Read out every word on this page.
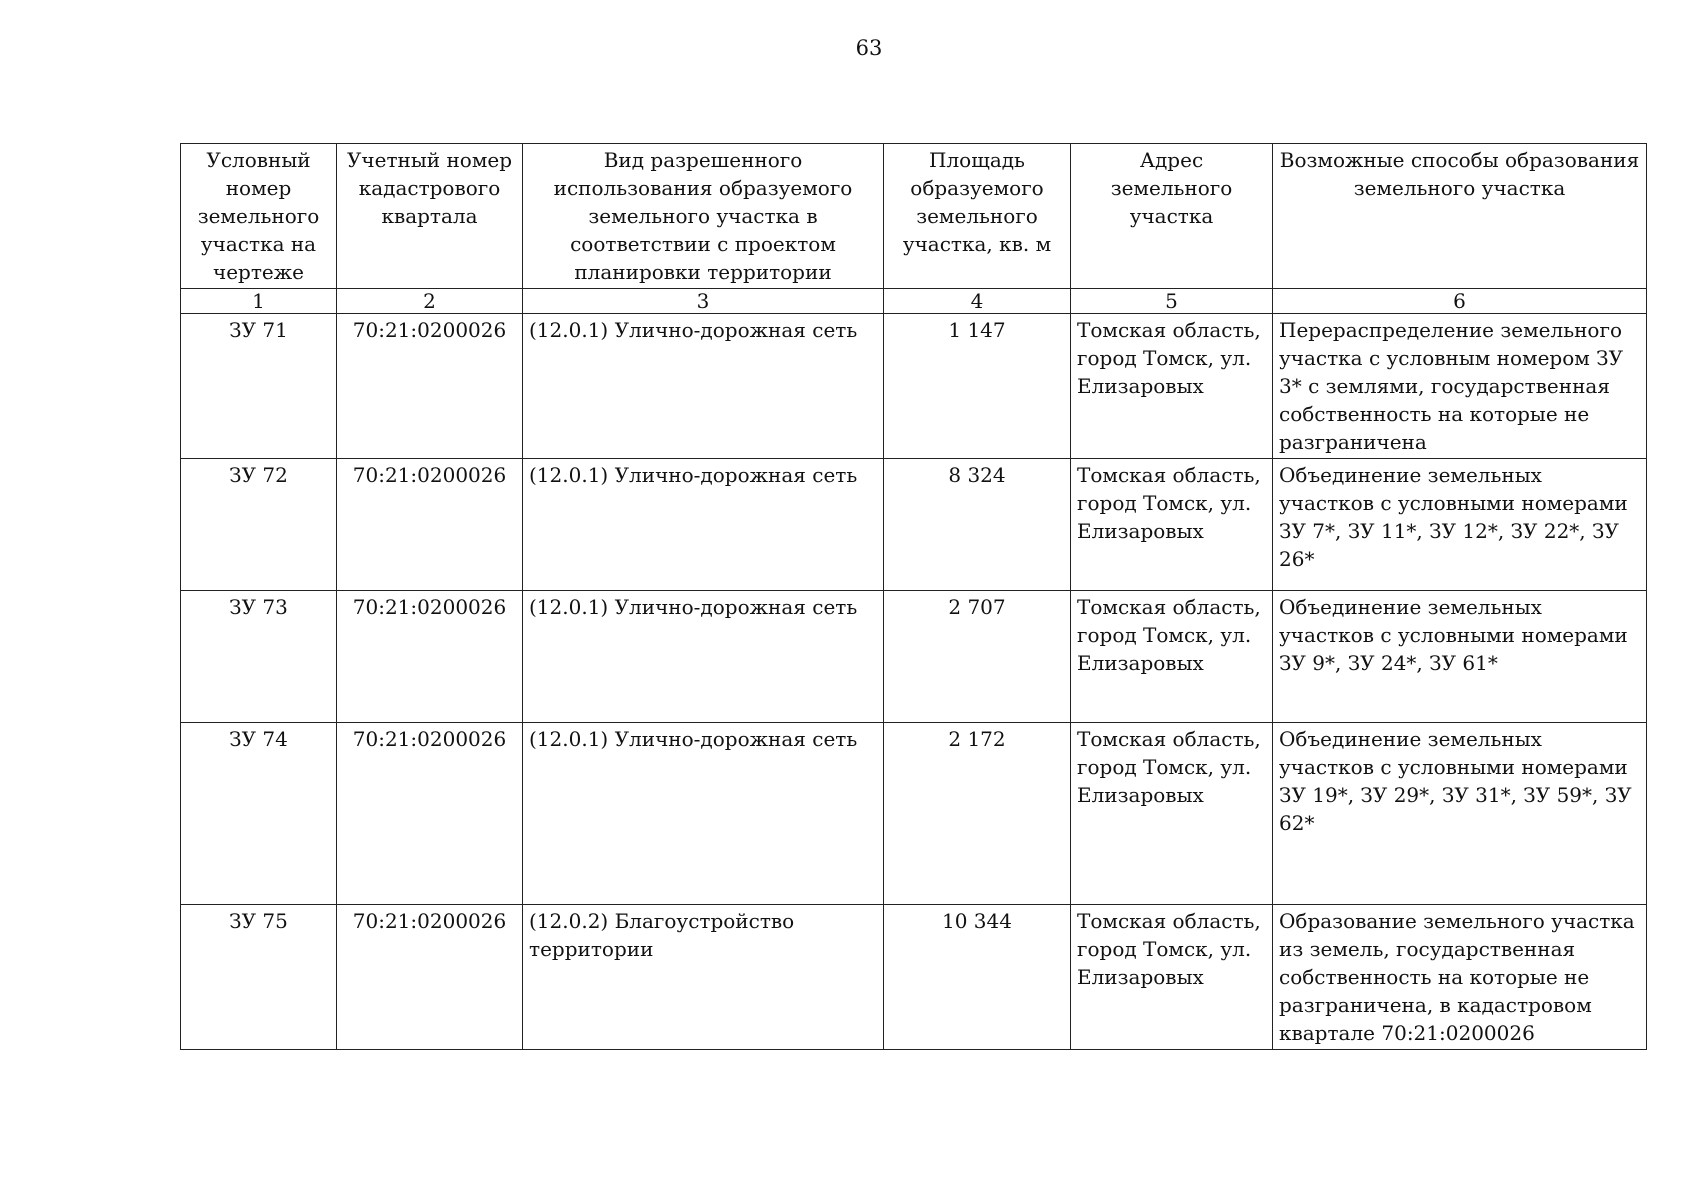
63
Условный номер земельного участка на чертеже	Учетный номер кадастрового квартала	Вид разрешенного использования образуемого земельного участка в соответствии с проектом планировки территории	Площадь образуемого земельного участка, кв. м	Адрес земельного участка	Возможные способы образования земельного участка
1	2	3	4	5	6
ЗУ 71	70:21:0200026	(12.0.1) Улично-дорожная сеть	1 147	Томская область, город Томск, ул. Елизаровых	Перераспределение земельного участка с условным номером ЗУ 3* с землями, государственная собственность на которые не разграничена
ЗУ 72	70:21:0200026	(12.0.1) Улично-дорожная сеть	8 324	Томская область, город Томск, ул. Елизаровых	Объединение земельных участков с условными номерами ЗУ 7*, ЗУ 11*, ЗУ 12*, ЗУ 22*, ЗУ 26*
ЗУ 73	70:21:0200026	(12.0.1) Улично-дорожная сеть	2 707	Томская область, город Томск, ул. Елизаровых	Объединение земельных участков с условными номерами ЗУ 9*, ЗУ 24*, ЗУ 61*
ЗУ 74	70:21:0200026	(12.0.1) Улично-дорожная сеть	2 172	Томская область, город Томск, ул. Елизаровых	Объединение земельных участков с условными номерами ЗУ 19*, ЗУ 29*, ЗУ 31*, ЗУ 59*, ЗУ 62*
ЗУ 75	70:21:0200026	(12.0.2) Благоустройство территории	10 344	Томская область, город Томск, ул. Елизаровых	Образование земельного участка из земель, государственная собственность на которые не разграничена, в кадастровом квартале 70:21:0200026
